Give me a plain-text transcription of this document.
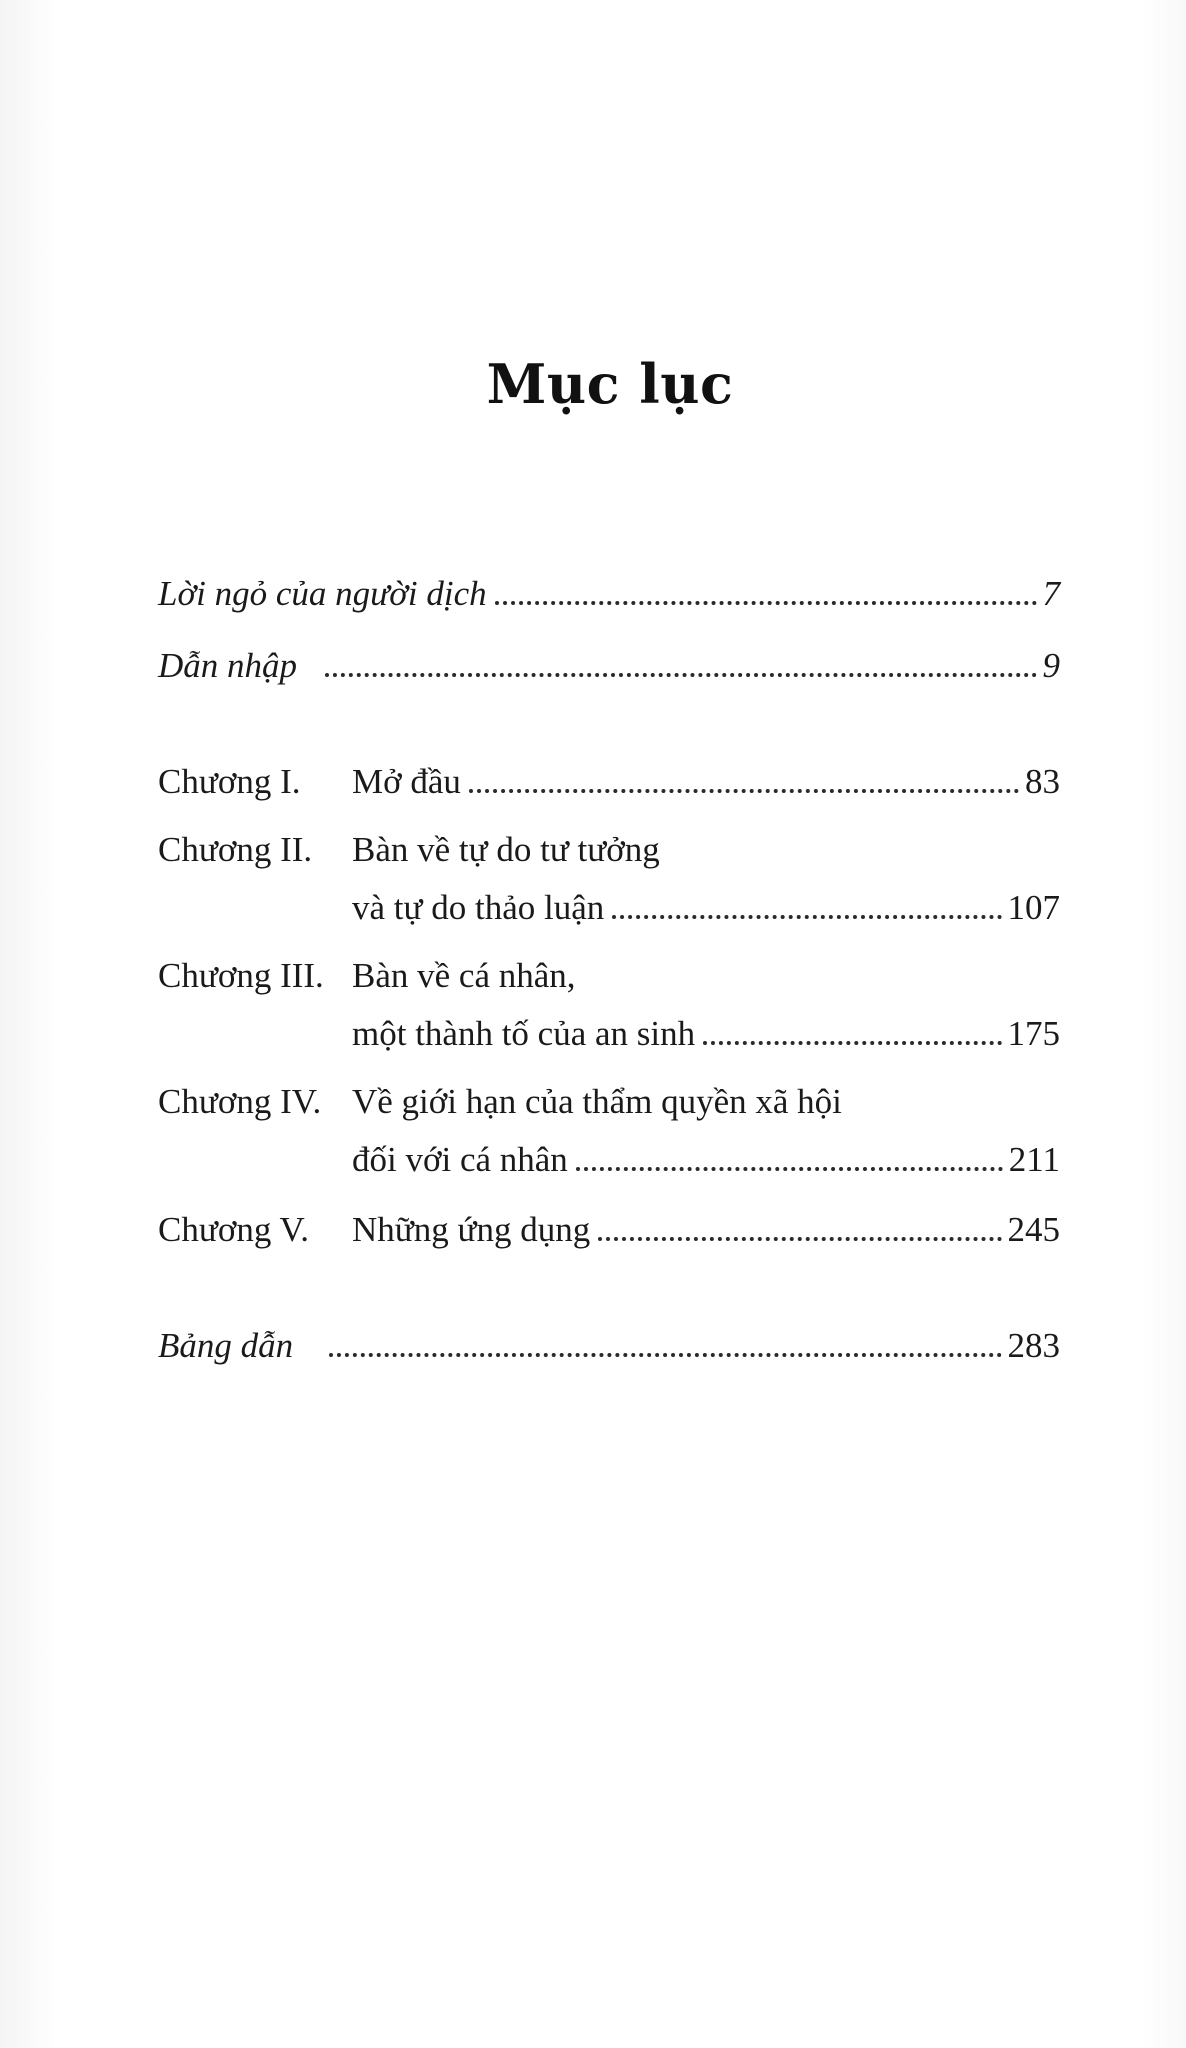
Mục lục
Lời ngỏ của người dịch	7
Dẫn nhập	9
Chương I.	Mở đầu	83
Chương II.	Bàn về tự do tư tưởng
và tự do thảo luận	107
Chương III. Bàn về cá nhân,
một thành tố của an sinh	175
Chương IV. Về giới hạn của thẩm quyền xã hội
đối với cá nhân	211
Chương V.	Những ứng dụng	245
Bảng dẫn	283
